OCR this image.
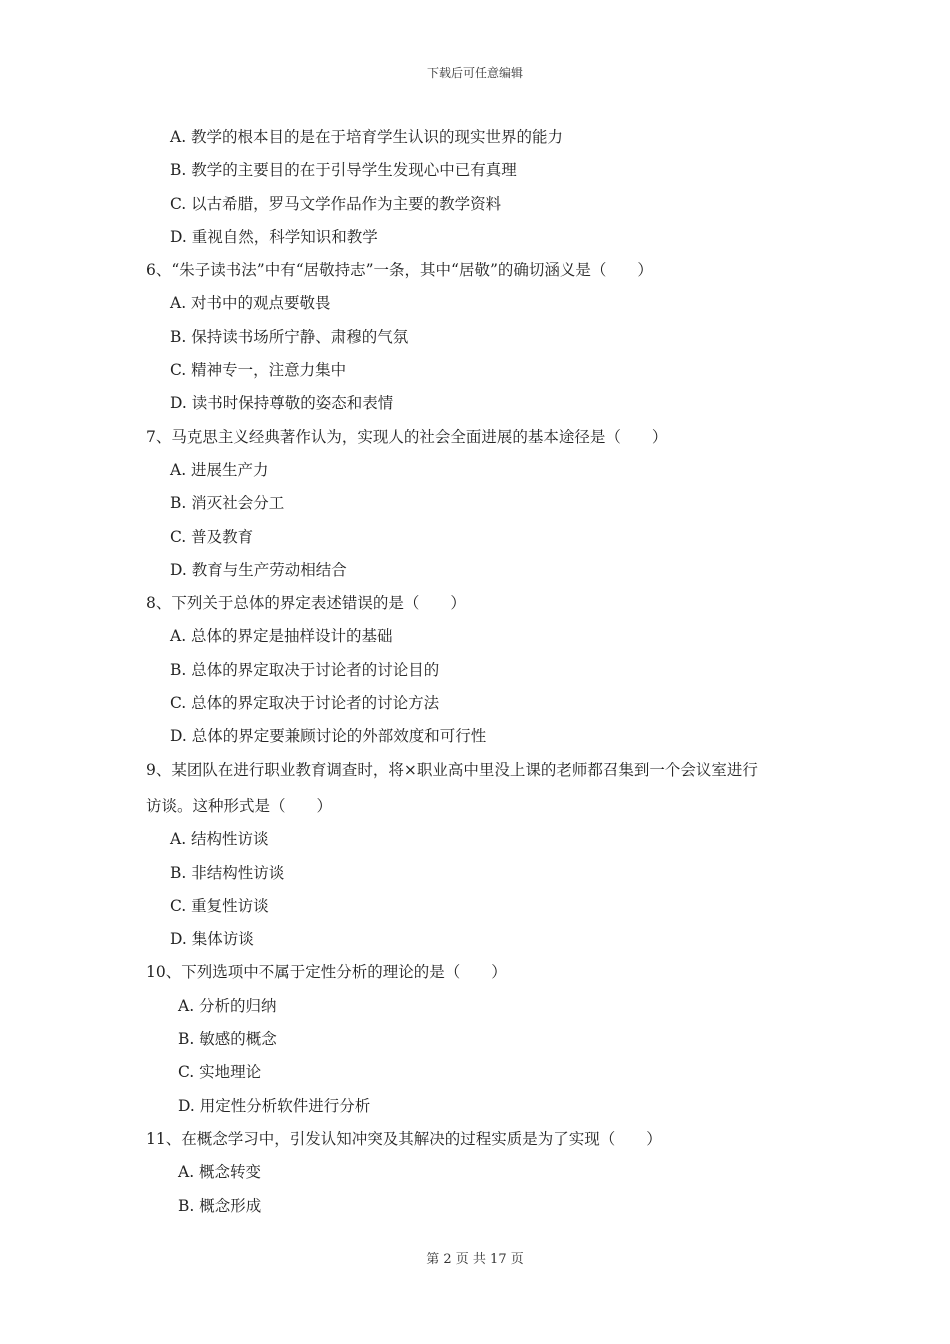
下载后可任意编辑
A. 教学的根本目的是在于培育学生认识的现实世界的能力
B. 教学的主要目的在于引导学生发现心中已有真理
C. 以古希腊，罗马文学作品作为主要的教学资料
D. 重视自然，科学知识和教学
6、“朱子读书法”中有“居敬持志”一条，其中“居敬”的确切涵义是（　　）
A. 对书中的观点要敬畏
B. 保持读书场所宁静、肃穆的气氛
C. 精神专一，注意力集中
D. 读书时保持尊敬的姿态和表情
7、马克思主义经典著作认为，实现人的社会全面进展的基本途径是（　　）
A. 进展生产力
B. 消灭社会分工
C. 普及教育
D. 教育与生产劳动相结合
8、下列关于总体的界定表述错误的是（　　）
A. 总体的界定是抽样设计的基础
B. 总体的界定取决于讨论者的讨论目的
C. 总体的界定取决于讨论者的讨论方法
D. 总体的界定要兼顾讨论的外部效度和可行性
9、某团队在进行职业教育调查时，将×职业高中里没上课的老师都召集到一个会议室进行
访谈。这种形式是（　　）
A. 结构性访谈
B. 非结构性访谈
C. 重复性访谈
D. 集体访谈
10、下列选项中不属于定性分析的理论的是（　　）
A. 分析的归纳
B. 敏感的概念
C. 实地理论
D. 用定性分析软件进行分析
11、在概念学习中，引发认知冲突及其解决的过程实质是为了实现（　　）
A. 概念转变
B. 概念形成
第 2 页 共 17 页
